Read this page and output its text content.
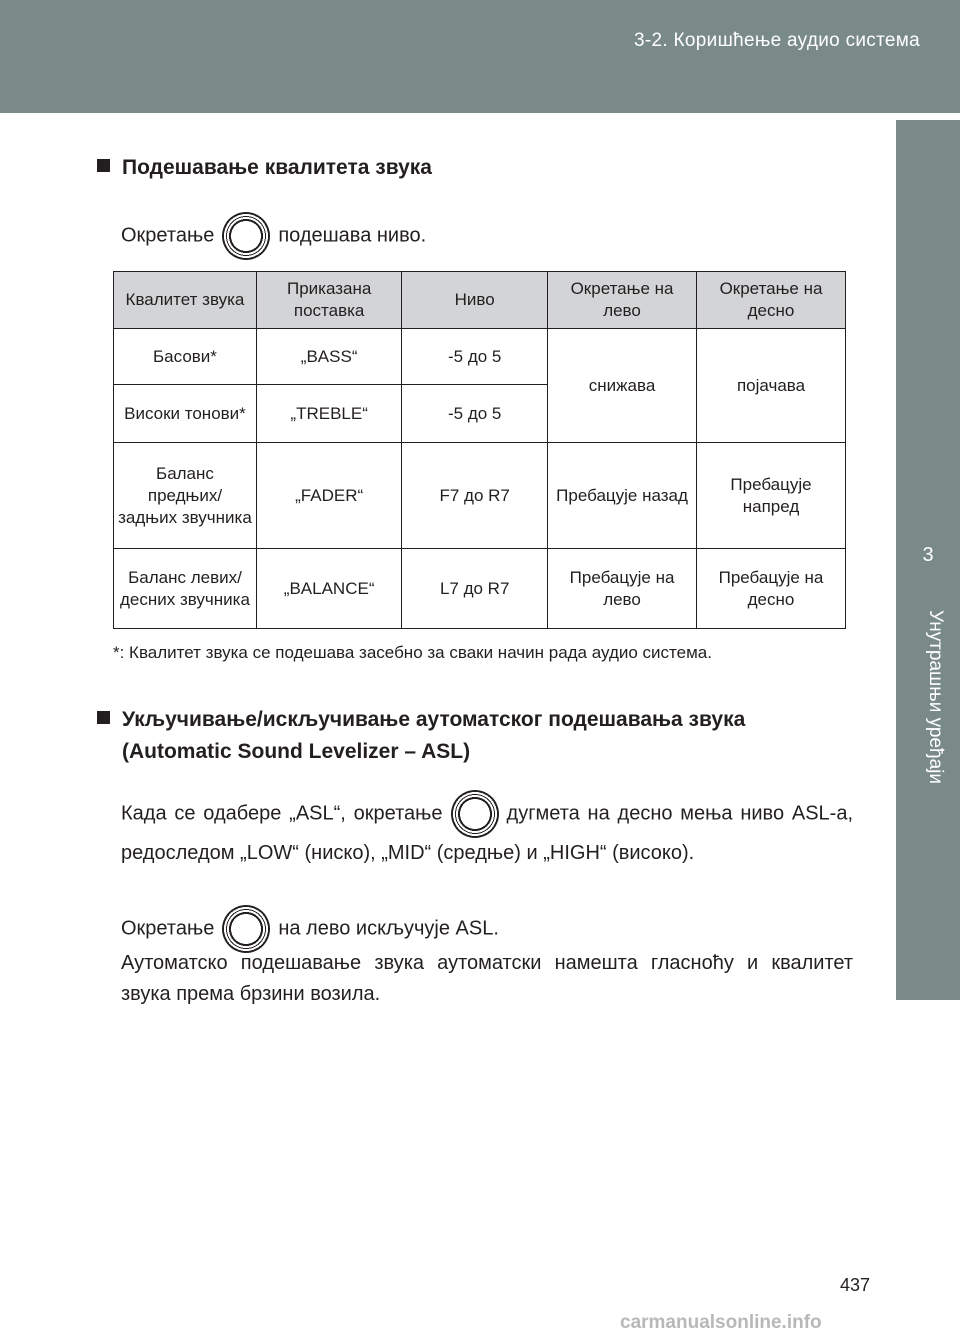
3-2. Коришћење аудио система
3
Унутрашњи уређаји
Подешавање квалитета звука
Окретање	подешава ниво.
Квалитет звука	Приказана поставка	Ниво	Окретање на лево	Окретање на десно
Басови*	„BASS“	-5 до 5	снижава	појачава
Високи тонови*	„TREBLE“	-5 до 5		
Баланс предњих/ задњих звучника	„FADER“	F7 до R7	Пребацује назад	Пребацује напред
Баланс левих/десних звучника	„BALANCE“	L7 до R7	Пребацује на лево	Пребацује на десно
*: Квалитет звука се подешава засебно за сваки начин рада аудио система.
Укључивање/искључивање аутоматског подешавања звука
(Automatic Sound Levelizer – ASL)
Када се одабере „ASL“, окретање	дугмета на десно мења ниво ASL-а, редоследом „LOW“ (ниско), „MID“ (средње) и „HIGH“ (високо).
Окретање	на лево искључује ASL.
Аутоматско подешавање звука аутоматски намешта гласноћу и квалитет звука према брзини возила.
437
carmanualsonline.info
